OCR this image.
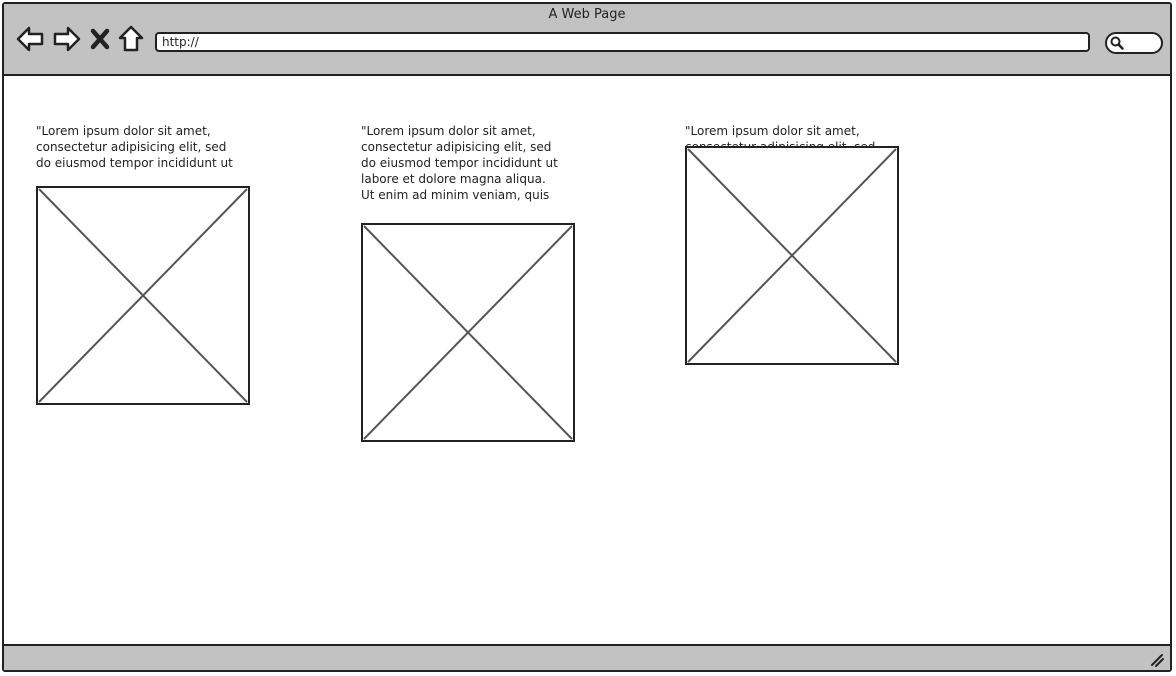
A Web Page
http://

"Lorem ipsum dolor sit amet, consectetur adipisicing elit, sed do eiusmod tempor incididunt ut

"Lorem ipsum dolor sit amet, consectetur adipisicing elit, sed do eiusmod tempor incididunt ut labore et dolore magna aliqua. Ut enim ad minim veniam, quis

"Lorem ipsum dolor sit amet,
